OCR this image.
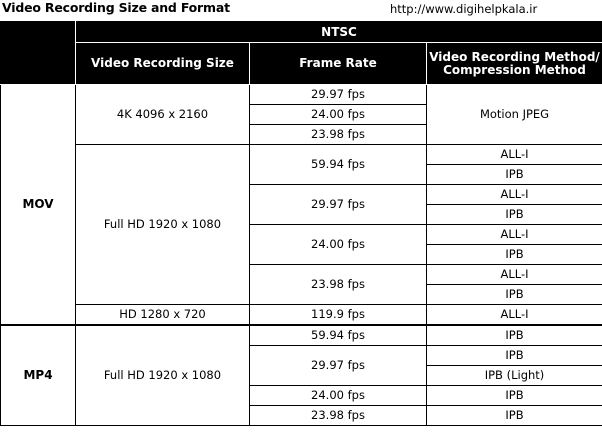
Video Recording Size and Format	http://www.digihelpkala.ir
	NTSC		
	Video Recording Size	Frame Rate	Video Recording Method/
Compression Method
MOV	4K 4096 x 2160	29.97 fps	Motion JPEG
		24.00 fps	
		23.98 fps	
	Full HD 1920 x 1080	59.94 fps	ALL-I
			IPB
		29.97 fps	ALL-I
			IPB
		24.00 fps	ALL-I
			IPB
		23.98 fps	ALL-I
			IPB
	HD 1280 x 720	119.9 fps	ALL-I

MP4	Full HD 1920 x 1080	59.94 fps	IPB
		29.97 fps	IPB
			IPB (Light)
		24.00 fps	IPB
		23.98 fps	IPB
